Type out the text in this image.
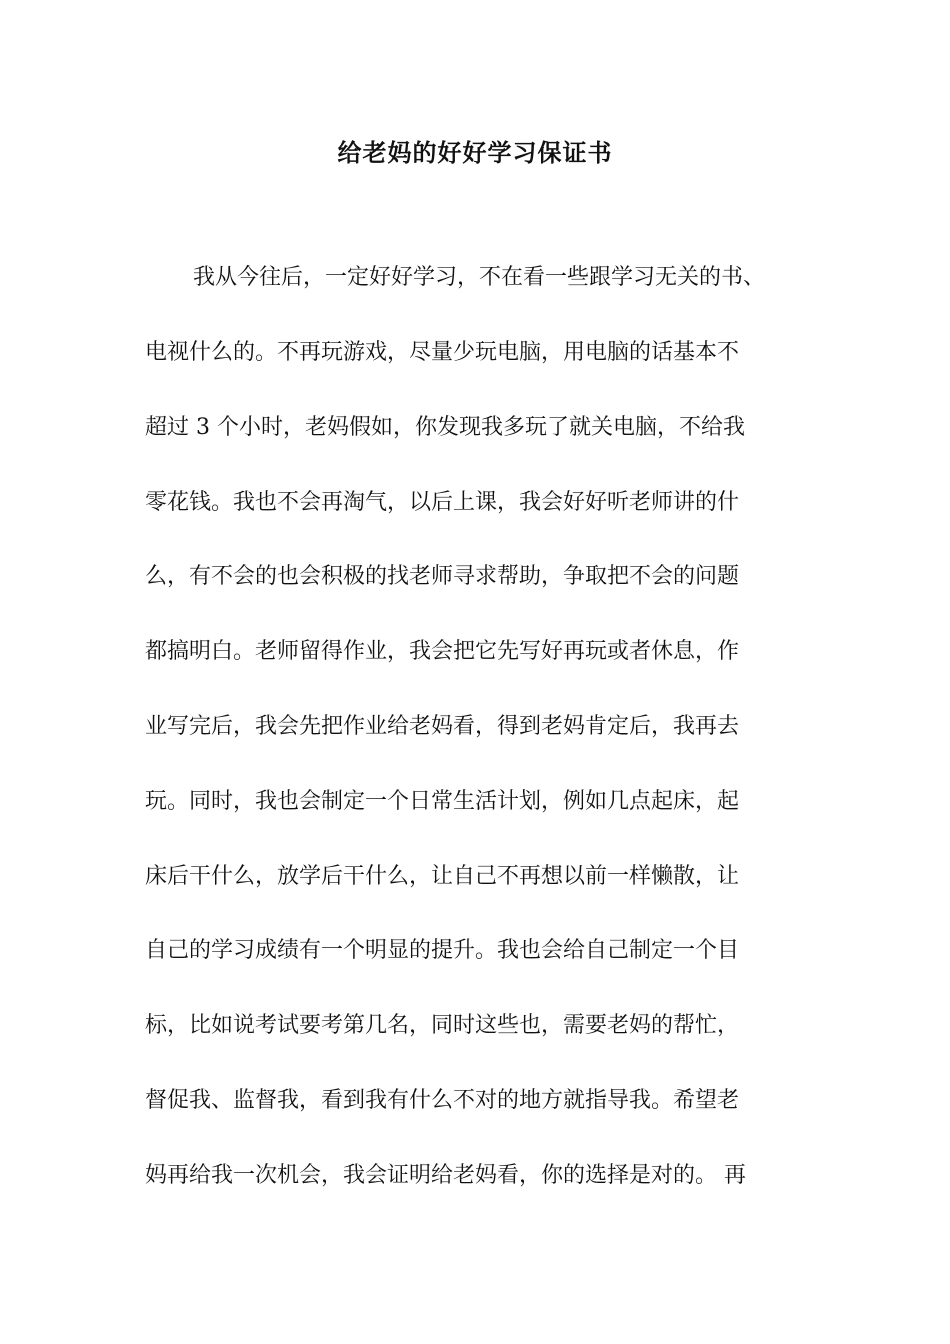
给老妈的好好学习保证书

我从今往后，一定好好学习，不在看一些跟学习无关的书、

电视什么的。不再玩游戏，尽量少玩电脑，用电脑的话基本不

超过 3 个小时，老妈假如，你发现我多玩了就关电脑，不给我

零花钱。我也不会再淘气，以后上课，我会好好听老师讲的什

么，有不会的也会积极的找老师寻求帮助，争取把不会的问题

都搞明白。老师留得作业，我会把它先写好再玩或者休息，作

业写完后，我会先把作业给老妈看，得到老妈肯定后，我再去

玩。同时，我也会制定一个日常生活计划，例如几点起床，起

床后干什么，放学后干什么，让自己不再想以前一样懒散，让

自己的学习成绩有一个明显的提升。我也会给自己制定一个目

标，比如说考试要考第几名，同时这些也，需要老妈的帮忙，

督促我、监督我，看到我有什么不对的地方就指导我。希望老

妈再给我一次机会，我会证明给老妈看，你的选择是对的。 再
